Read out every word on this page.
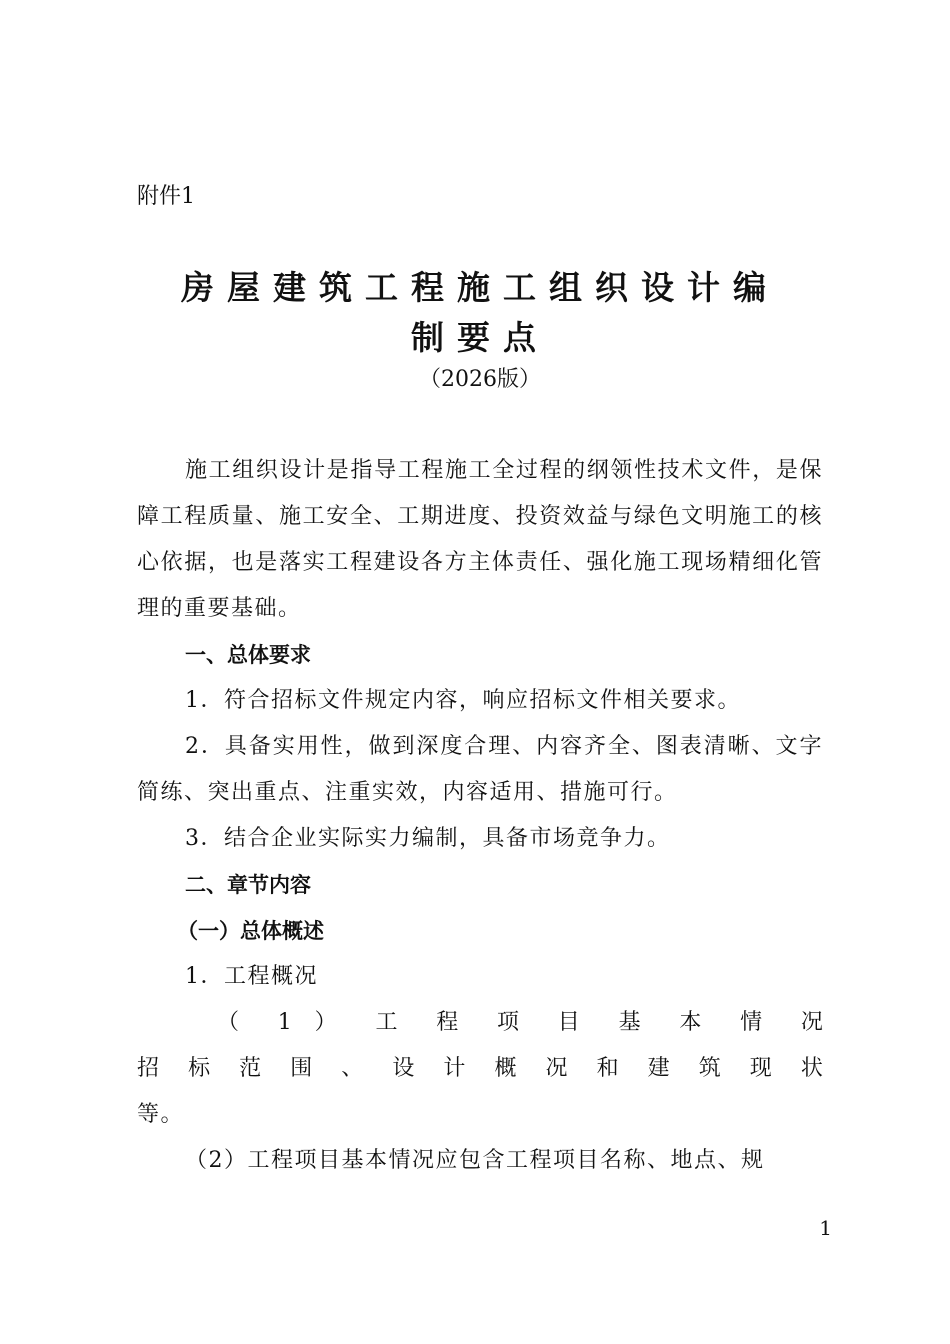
附件1
房屋建筑工程施工组织设计编
制要点
（2026版）

施工组织设计是指导工程施工全过程的纲领性技术文件，是保障工程质量、施工安全、工期进度、投资效益与绿色文明施工的核心依据，也是落实工程建设各方主体责任、强化施工现场精细化管理的重要基础。

一、总体要求

1．符合招标文件规定内容，响应招标文件相关要求。

2．具备实用性，做到深度合理、内容齐全、图表清晰、文字简练、突出重点、注重实效，内容适用、措施可行。

3．结合企业实际实力编制，具备市场竞争力。

二、章节内容

（一）总体概述

1．工程概况

（ 1 ） 工 程 项 目 基 本 情 况

招 标 范 围 、 设 计 概 况 和 建 筑 现 状

等。

（2）工程项目基本情况应包含工程项目名称、地点、规

1
